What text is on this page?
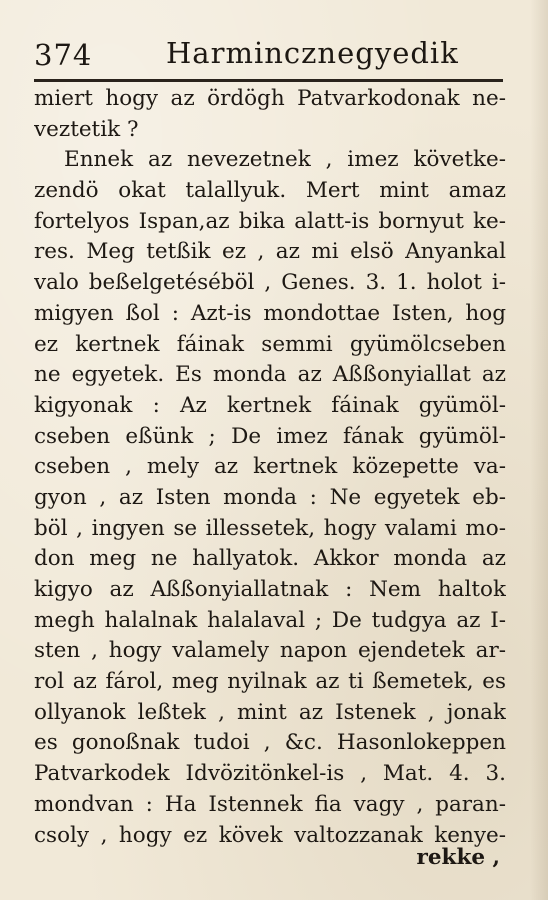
374	Harmincznegyedik
miert hogy az ördögh Patvarkodonak ne-
veztetik ?
Ennek az nevezetnek , imez követke-
zendö okat talallyuk. Mert mint amaz
fortelyos Ispan,az bika alatt-is bornyut ke-
res. Meg tetßik ez , az mi elsö Anyankal
valo beßelgetéséböl , Genes. 3. 1. holot i-
migyen ßol : Azt-is mondottae Isten, hog
ez kertnek fáinak semmi gyümölcseben
ne egyetek. Es monda az Aßßonyiallat az
kigyonak : Az kertnek fáinak gyümöl-
cseben eßünk ; De imez fának gyümöl-
cseben , mely az kertnek közepette va-
gyon , az Isten monda : Ne egyetek eb-
böl , ingyen se illessetek, hogy valami mo-
don meg ne hallyatok. Akkor monda az
kigyo az Aßßonyiallatnak : Nem haltok
megh halalnak halalaval ; De tudgya az I-
sten , hogy valamely napon ejendetek ar-
rol az fárol, meg nyilnak az ti ßemetek, es
ollyanok leßtek , mint az Istenek , jonak
es gonoßnak tudoi , &c. Hasonlokeppen
Patvarkodek Idvözitönkel-is , Mat. 4. 3.
mondvan : Ha Istennek fia vagy , paran-
csoly , hogy ez kövek valtozzanak kenye-
rekke ,
